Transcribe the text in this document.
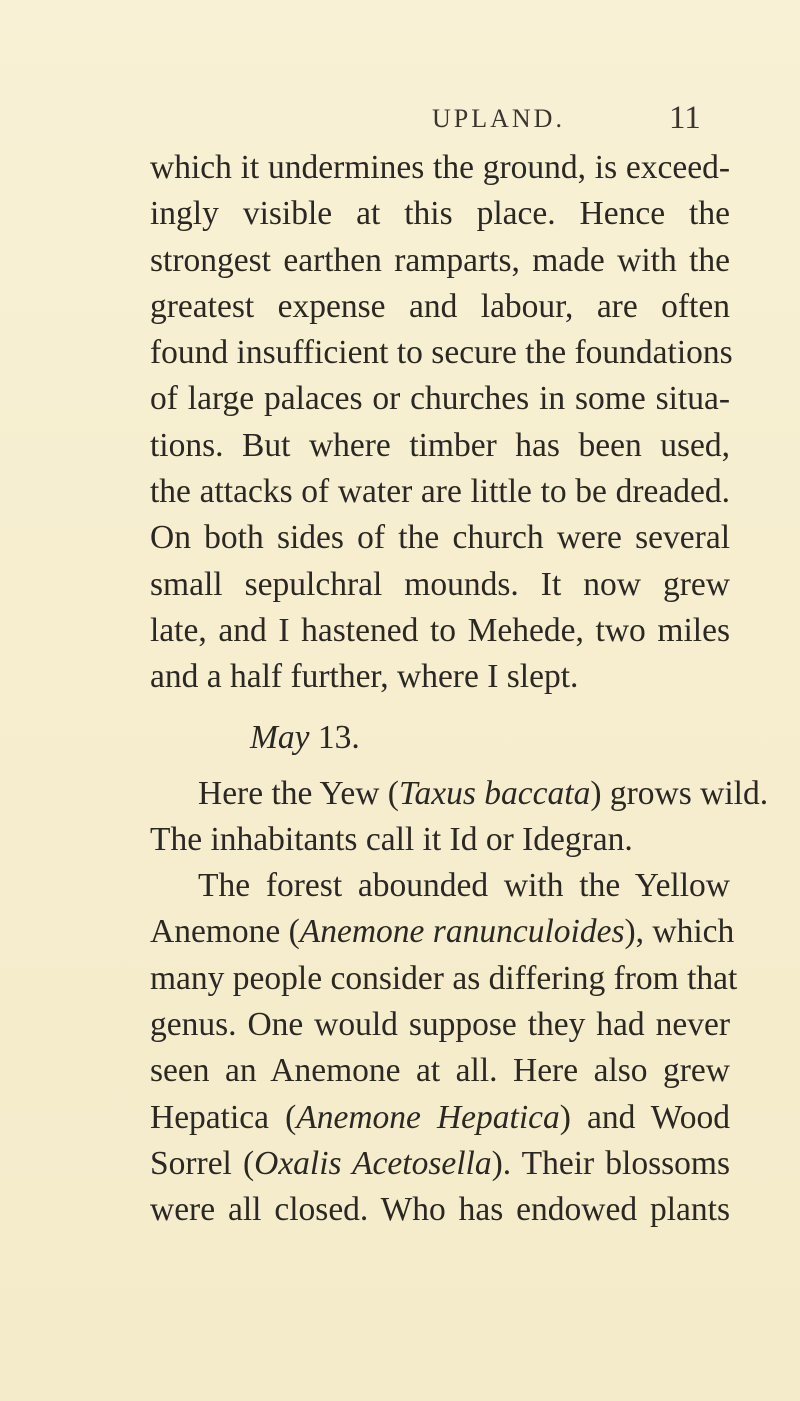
UPLAND.	11
which it undermines the ground, is exceed-
ingly visible at this place. Hence the
strongest earthen ramparts, made with the
greatest expense and labour, are often
found insufficient to secure the foundations
of large palaces or churches in some situa-
tions. But where timber has been used,
the attacks of water are little to be dreaded.
On both sides of the church were several
small sepulchral mounds. It now grew
late, and I hastened to Mehede, two miles
and a half further, where I slept.
May 13.
Here the Yew (Taxus baccata) grows wild.
The inhabitants call it Id or Idegran.
The forest abounded with the Yellow
Anemone (Anemone ranunculoides), which
many people consider as differing from that
genus. One would suppose they had never
seen an Anemone at all. Here also grew
Hepatica (Anemone Hepatica) and Wood
Sorrel (Oxalis Acetosella). Their blossoms
were all closed. Who has endowed plants
